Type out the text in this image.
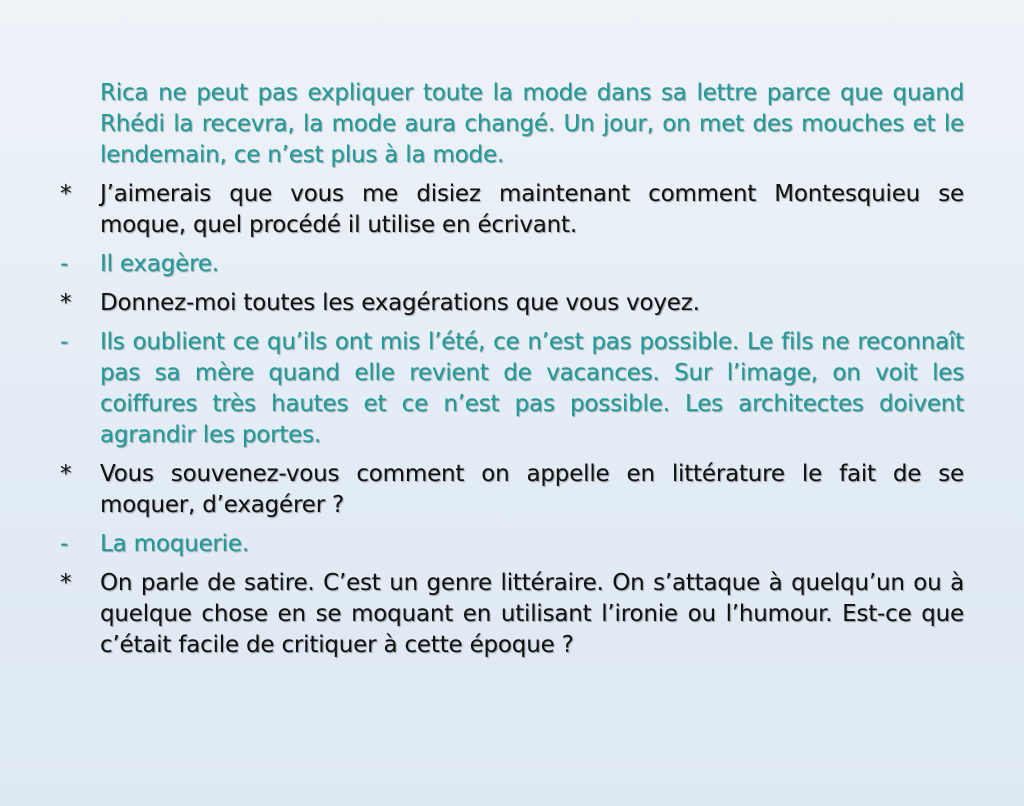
Rica ne peut pas expliquer toute la mode dans sa lettre parce que quand Rhédi la recevra, la mode aura changé. Un jour, on met des mouches et le lendemain, ce n’est plus à la mode.
*	J’aimerais que vous me disiez maintenant comment Montesquieu se moque, quel procédé il utilise en écrivant.
-	Il exagère.
*	Donnez-moi toutes les exagérations que vous voyez.
-	Ils oublient ce qu’ils ont mis l’été, ce n’est pas possible. Le fils ne reconnaît pas sa mère quand elle revient de vacances. Sur l’image, on voit les coiffures très hautes et ce n’est pas possible. Les architectes doivent agrandir les portes.
*	Vous souvenez-vous comment on appelle en littérature le fait de se moquer, d’exagérer ?
-	La moquerie.
*	On parle de satire. C’est un genre littéraire. On s’attaque à quelqu’un ou à quelque chose en se moquant en utilisant l’ironie ou l’humour. Est-ce que c’était facile de critiquer à cette époque ?
